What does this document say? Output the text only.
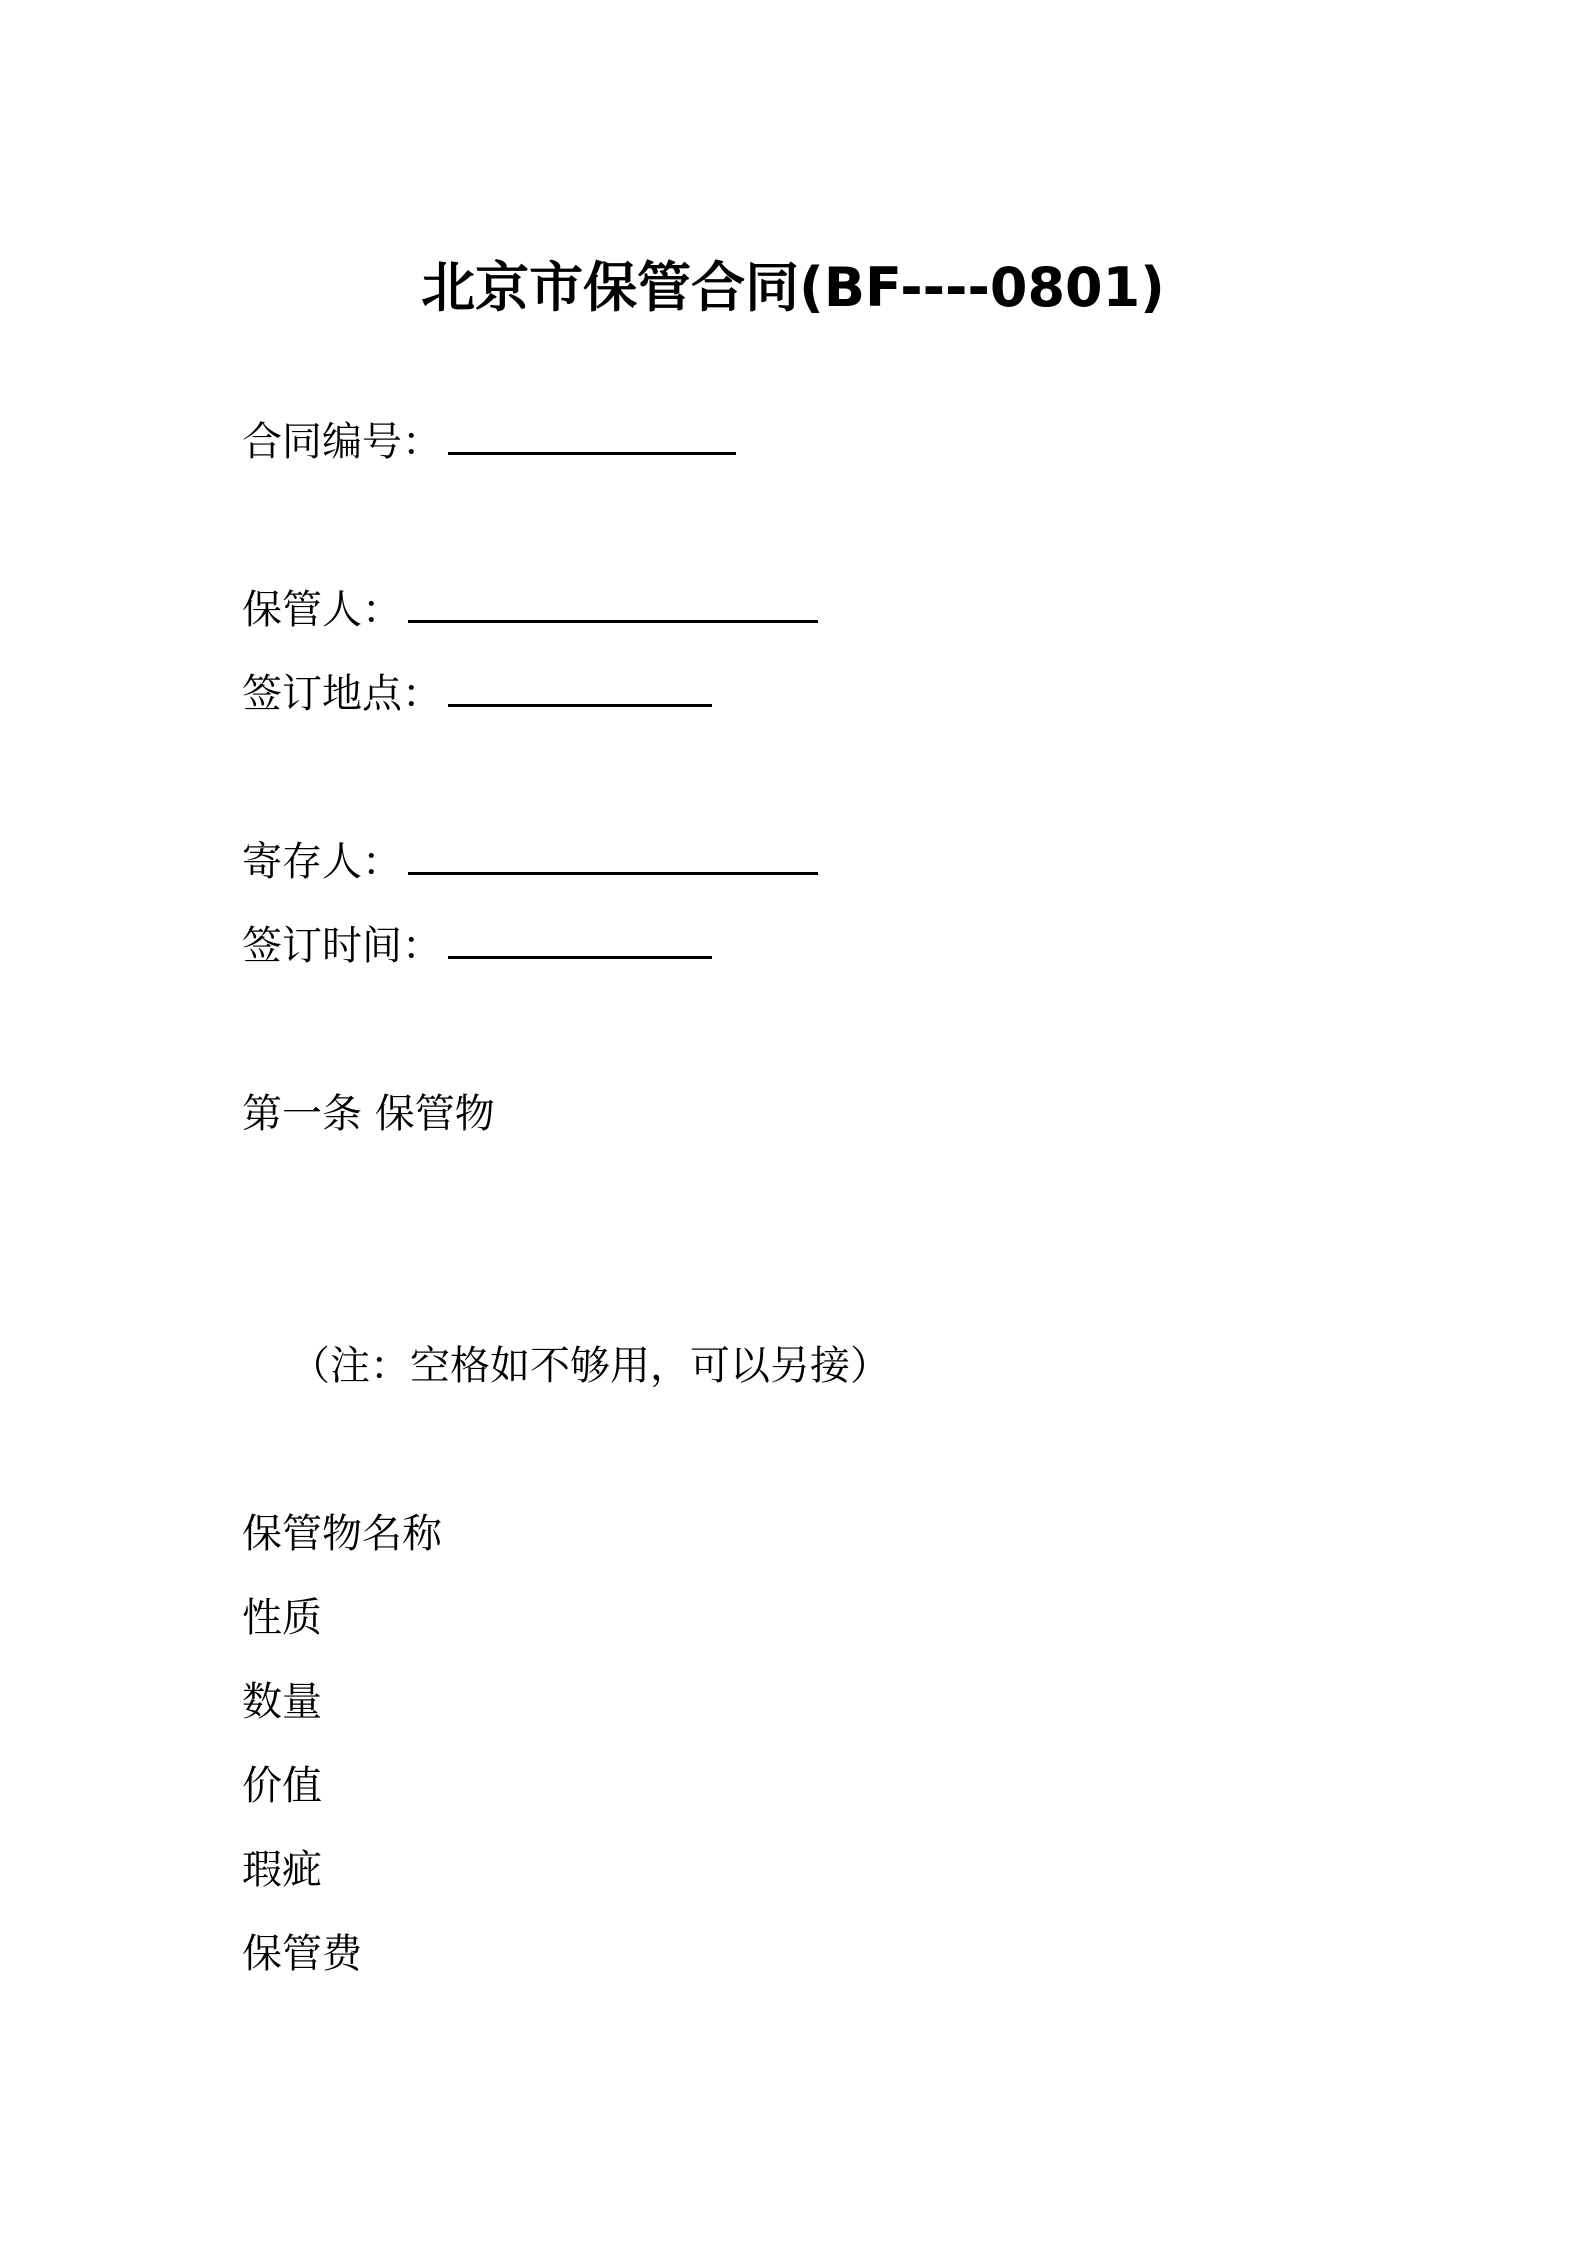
北京市保管合同(BF----0801)
合同编号：
保管人：
签订地点：
寄存人：
签订时间：
第一条 保管物
（注：空格如不够用，可以另接）
保管物名称
性质
数量
价值
瑕疵
保管费
